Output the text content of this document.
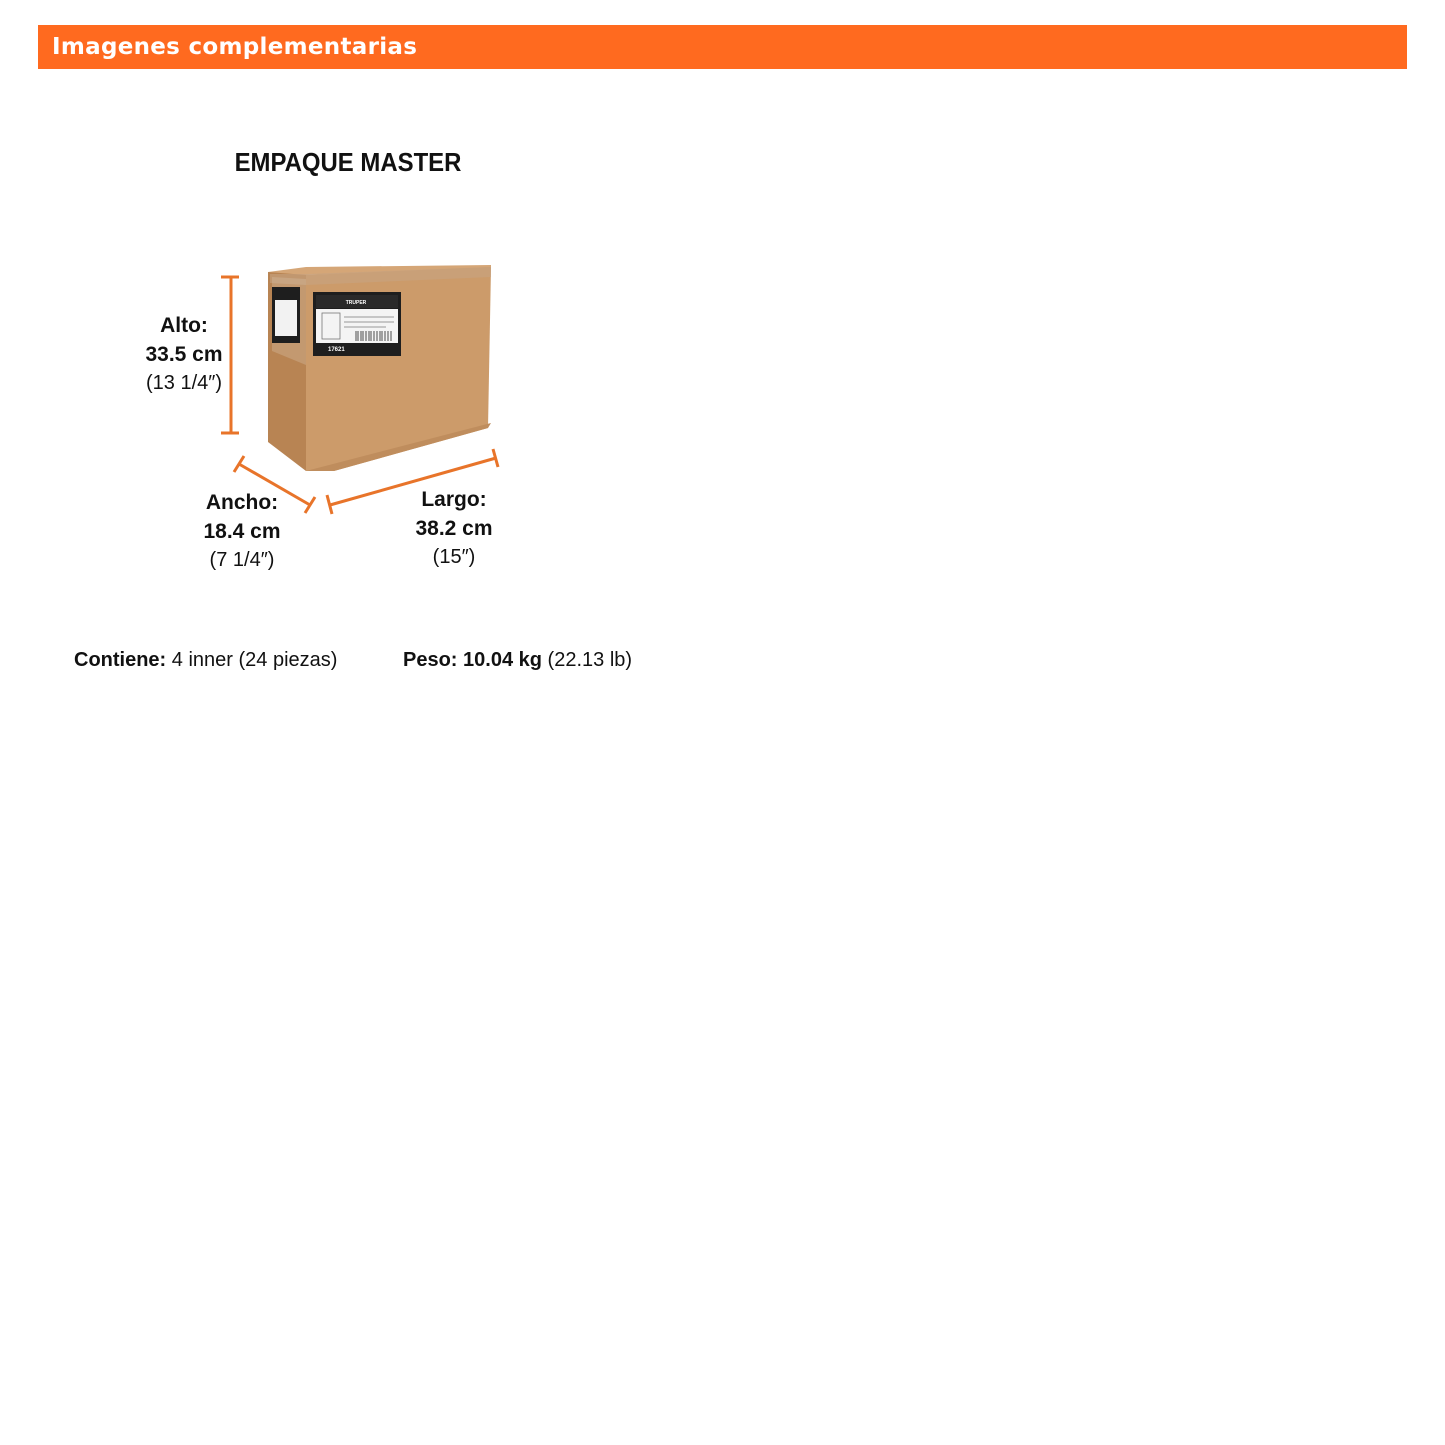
Imagenes complementarias
EMPAQUE MASTER
TRUPER
17621
Alto:
33.5 cm
(13 1/4″)
Ancho:
18.4 cm
(7 1/4″)
Largo:
38.2 cm
(15″)
Contiene: 4 inner (24 piezas)	Peso: 10.04 kg (22.13 lb)
